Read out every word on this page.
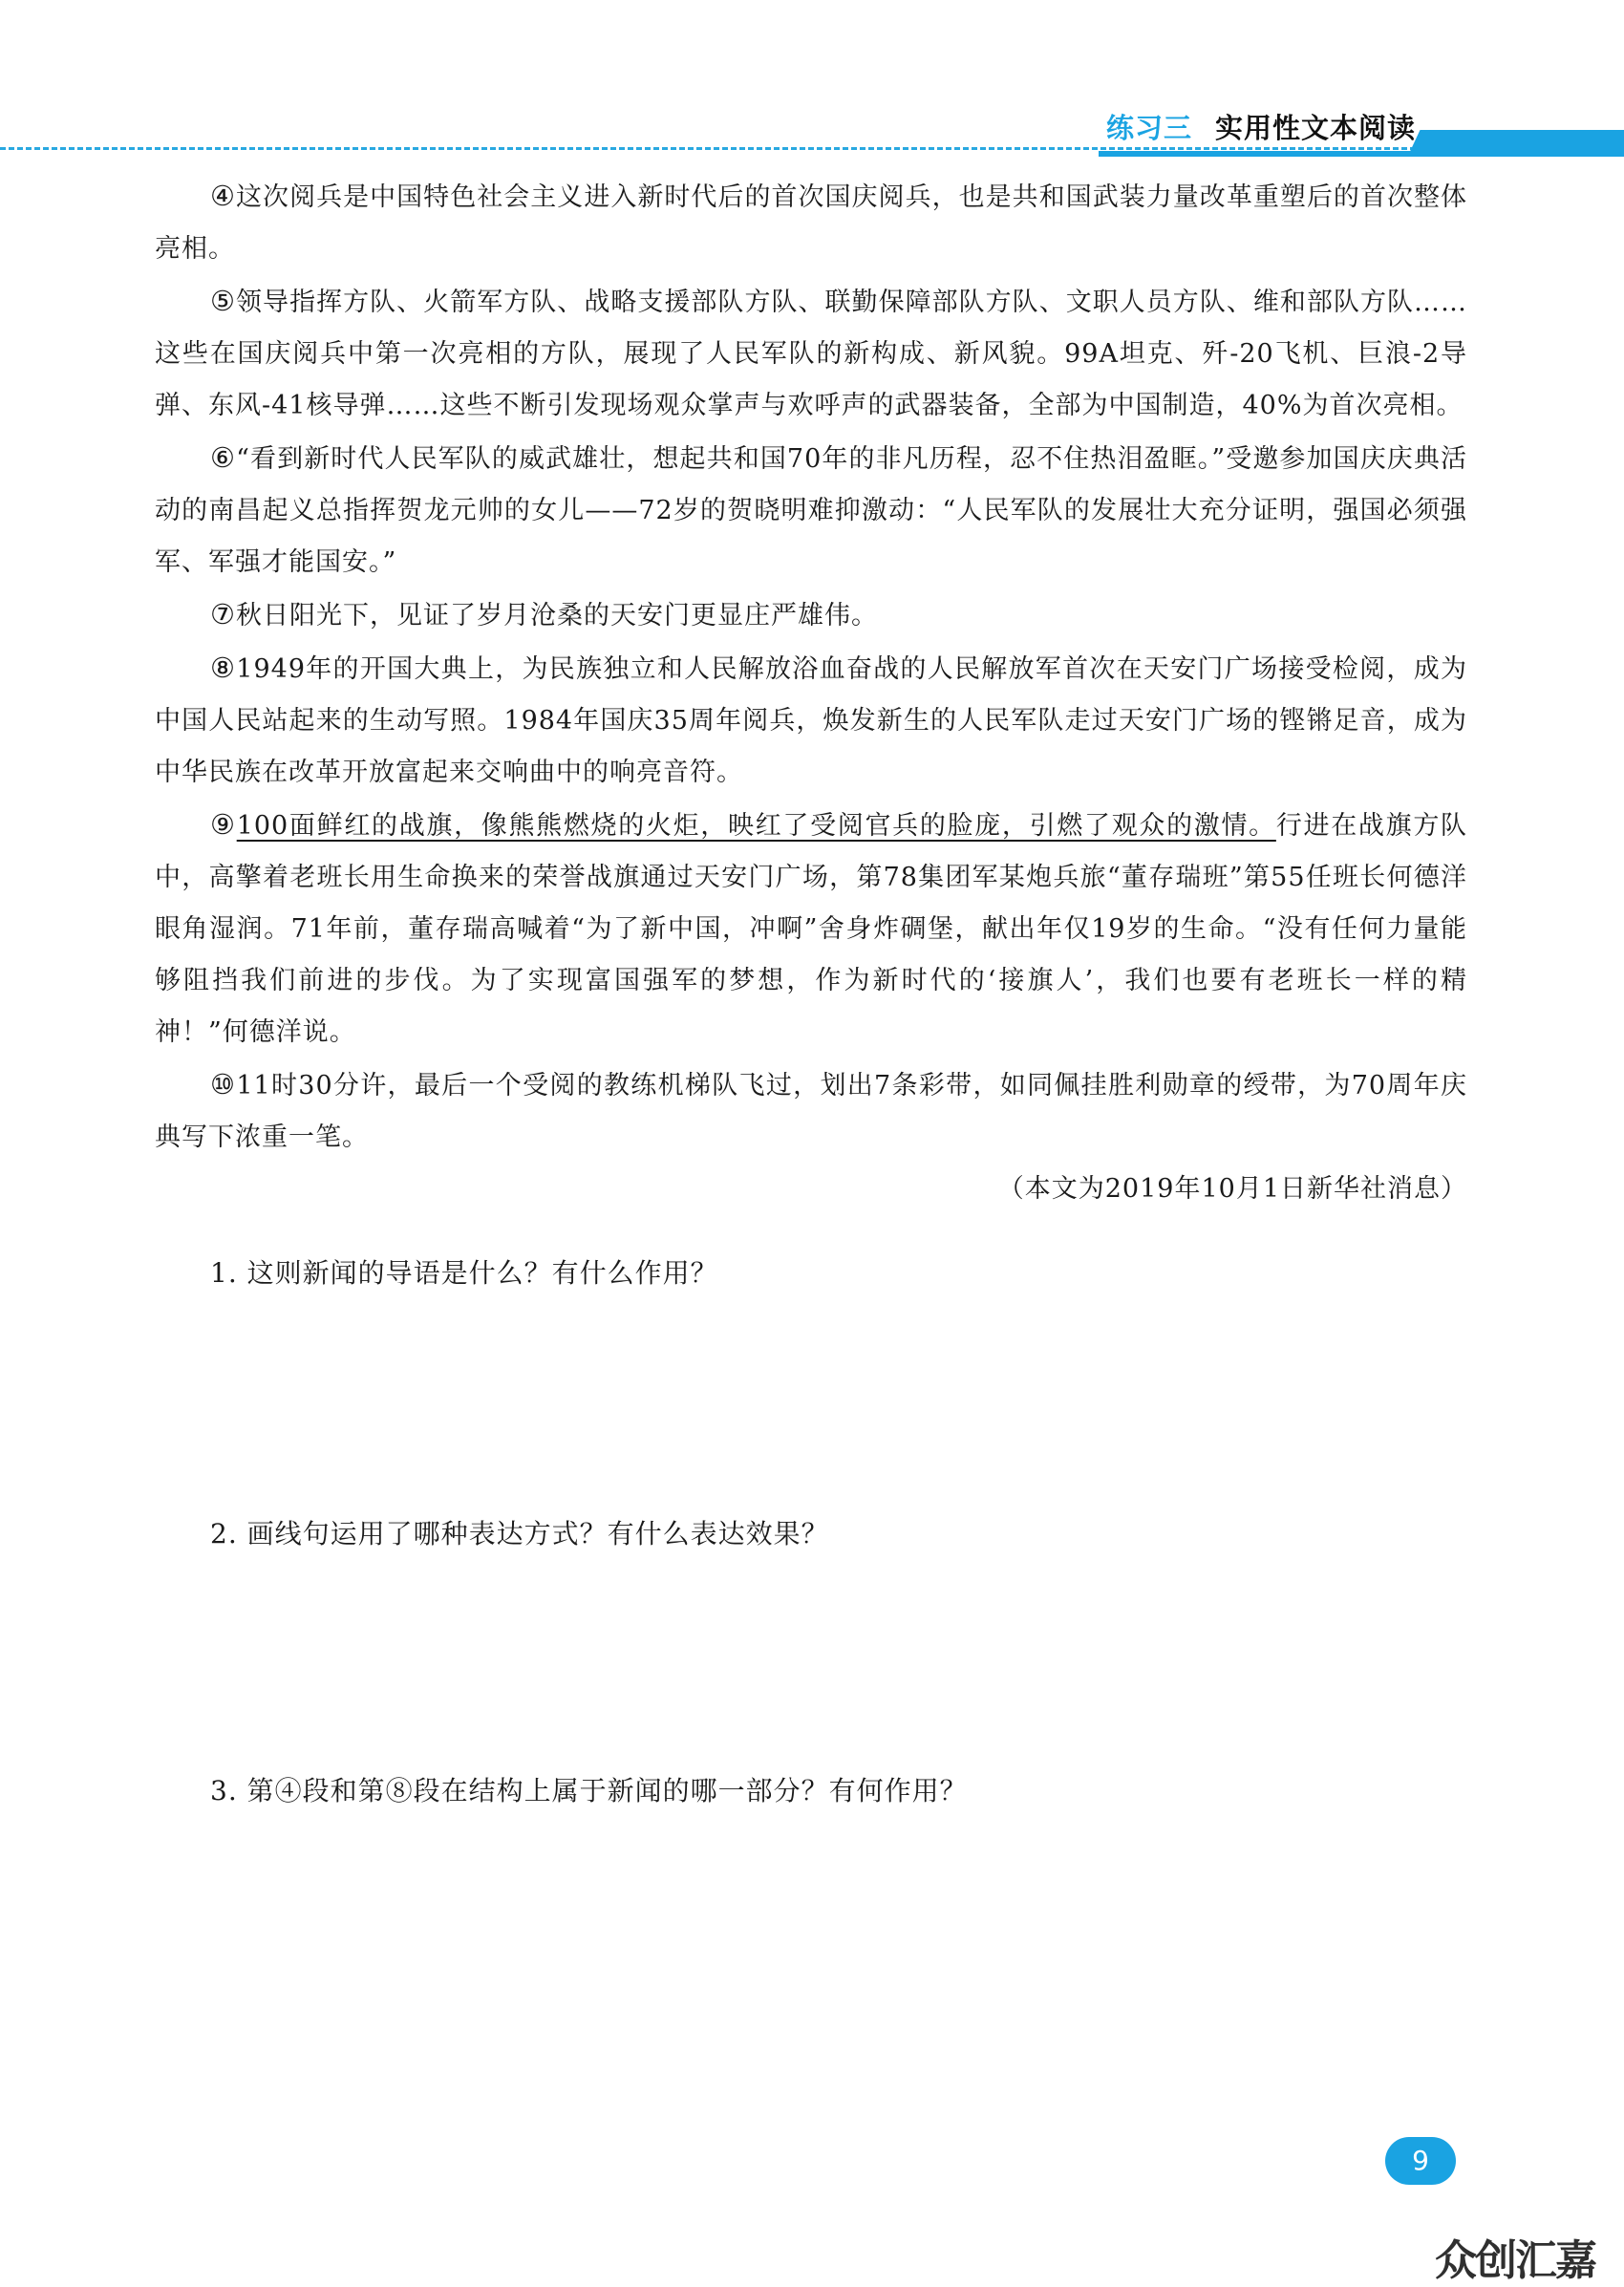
练习三 实用性文本阅读

④这次阅兵是中国特色社会主义进入新时代后的首次国庆阅兵，也是共和国武装力量改革重塑后的首次整体亮相。

⑤领导指挥方队、火箭军方队、战略支援部队方队、联勤保障部队方队、文职人员方队、维和部队方队……这些在国庆阅兵中第一次亮相的方队，展现了人民军队的新构成、新风貌。99A坦克、歼-20飞机、巨浪-2导弹、东风-41核导弹……这些不断引发现场观众掌声与欢呼声的武器装备，全部为中国制造，40%为首次亮相。

⑥“看到新时代人民军队的威武雄壮，想起共和国70年的非凡历程，忍不住热泪盈眶。”受邀参加国庆庆典活动的南昌起义总指挥贺龙元帅的女儿——72岁的贺晓明难抑激动：“人民军队的发展壮大充分证明，强国必须强军、军强才能国安。”

⑦秋日阳光下，见证了岁月沧桑的天安门更显庄严雄伟。

⑧1949年的开国大典上，为民族独立和人民解放浴血奋战的人民解放军首次在天安门广场接受检阅，成为中国人民站起来的生动写照。1984年国庆35周年阅兵，焕发新生的人民军队走过天安门广场的铿锵足音，成为中华民族在改革开放富起来交响曲中的响亮音符。

⑨100面鲜红的战旗，像熊熊燃烧的火炬，映红了受阅官兵的脸庞，引燃了观众的激情。行进在战旗方队中，高擎着老班长用生命换来的荣誉战旗通过天安门广场，第78集团军某炮兵旅“董存瑞班”第55任班长何德洋眼角湿润。71年前，董存瑞高喊着“为了新中国，冲啊”舍身炸碉堡，献出年仅19岁的生命。“没有任何力量能够阻挡我们前进的步伐。为了实现富国强军的梦想，作为新时代的‘接旗人’，我们也要有老班长一样的精神！”何德洋说。

⑩11时30分许，最后一个受阅的教练机梯队飞过，划出7条彩带，如同佩挂胜利勋章的绶带，为70周年庆典写下浓重一笔。

（本文为2019年10月1日新华社消息）

1. 这则新闻的导语是什么？有什么作用？
2. 画线句运用了哪种表达方式？有什么表达效果？
3. 第④段和第⑧段在结构上属于新闻的哪一部分？有何作用？
9
众创汇嘉
